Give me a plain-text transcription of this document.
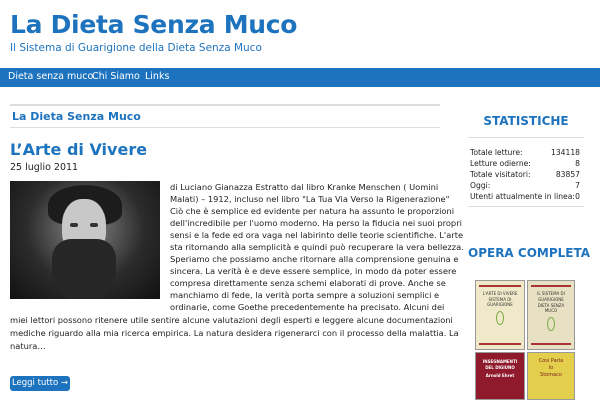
La Dieta Senza Muco
Il Sistema di Guarigione della Dieta Senza Muco
Dieta senza muco
Chi Siamo Links
La Dieta Senza Muco
L’Arte di Vivere
25 luglio 2011
di Luciano Gianazza Estratto dal libro Kranke Menschen ( Uomini
Malati) – 1912, incluso nel libro "La Tua Via Verso la Rigenerazione"
Ciò che è semplice ed evidente per natura ha assunto le proporzioni
dell'incredibile per l'uomo moderno. Ha perso la fiducia nei suoi propri
sensi e la fede ed ora vaga nel labirinto delle teorie scientifiche. L'arte
sta ritornando alla semplicità e quindi può recuperare la vera bellezza.
Speriamo che possiamo anche ritornare alla comprensione genuina e
sincera. La verità è e deve essere semplice, in modo da poter essere
compresa direttamente senza schemi elaborati di prove. Anche se
manchiamo di fede, la verità porta sempre a soluzioni semplici e
ordinarie, come Goethe precedentemente ha precisato. Alcuni dei
miei lettori possono ritenere utile sentire alcune valutazioni degli esperti e leggere alcune documentazioni
mediche riguardo alla mia ricerca empirica. La natura desidera rigenerarci con il processo della malattia. La
natura…
Leggi tutto →
STATISTICHE
Totale letture:	134118
Letture odierne:	8
Totale visitatori:	83857
Oggi:	7
Utenti attualmente in linea: 0
OPERA COMPLETA
L'ARTE DI VIVERE
SISTEMA DI GUARIGIONE
IL SISTEMA DI
GUARIGIONE
DIETA SENZA MUCO
INSEGNAMENTI
DEL DIGIUNO
Arnold Ehret
Cosi Parla
lo
Stomaco
